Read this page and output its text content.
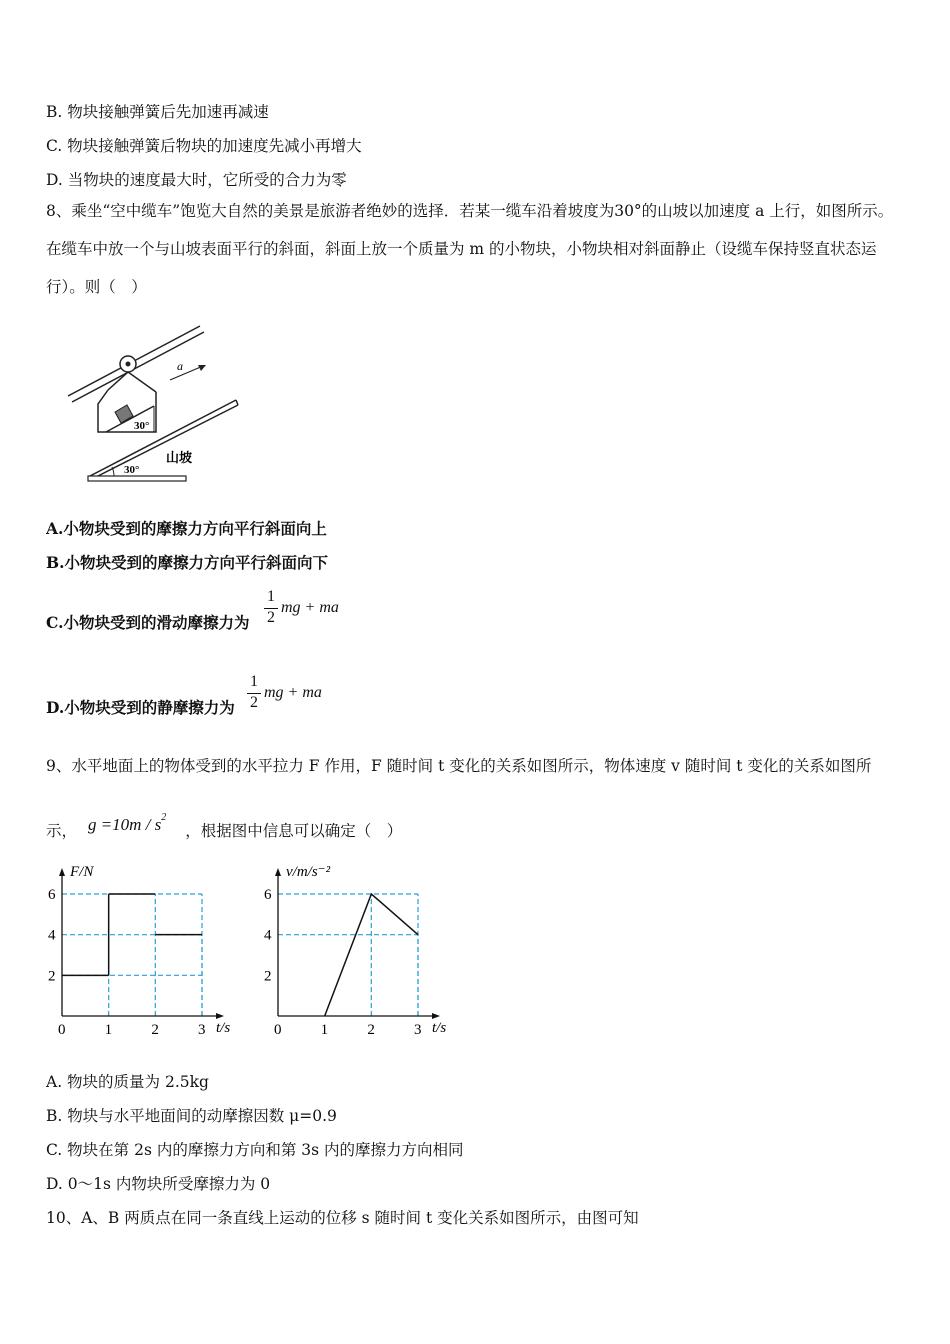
B. 物块接触弹簧后先加速再减速
C. 物块接触弹簧后物块的加速度先减小再增大
D. 当物块的速度最大时，它所受的合力为零
8、乘坐“空中缆车”饱览大自然的美景是旅游者绝妙的选择．若某一缆车沿着坡度为30°的山坡以加速度 a 上行，如图所示。在缆车中放一个与山坡表面平行的斜面，斜面上放一个质量为 m 的小物块，小物块相对斜面静止（设缆车保持竖直状态运行）。则（　）
30°
a
30°
山坡
A.小物块受到的摩擦力方向平行斜面向上
B.小物块受到的摩擦力方向平行斜面向下
C.小物块受到的滑动摩擦力为
1
2
mg + ma
D.小物块受到的静摩擦力为
1
2
mg + ma
9、水平地面上的物体受到的水平拉力 F 作用，F 随时间 t 变化的关系如图所示，物体速度 v 随时间 t 变化的关系如图所
示， $g =10m / s^2$ ，根据图中信息可以确定（　）
0	1	2	3
2
4
6
t/s
F/N
0	1	2	3
2
4
6
t/s
v/m/s⁻²
A. 物块的质量为 2.5kg
B. 物块与水平地面间的动摩擦因数 μ=0.9
C. 物块在第 2s 内的摩擦力方向和第 3s 内的摩擦力方向相同
D. 0～1s 内物块所受摩擦力为 0
10、A、B 两质点在同一条直线上运动的位移 s 随时间 t 变化关系如图所示，由图可知
